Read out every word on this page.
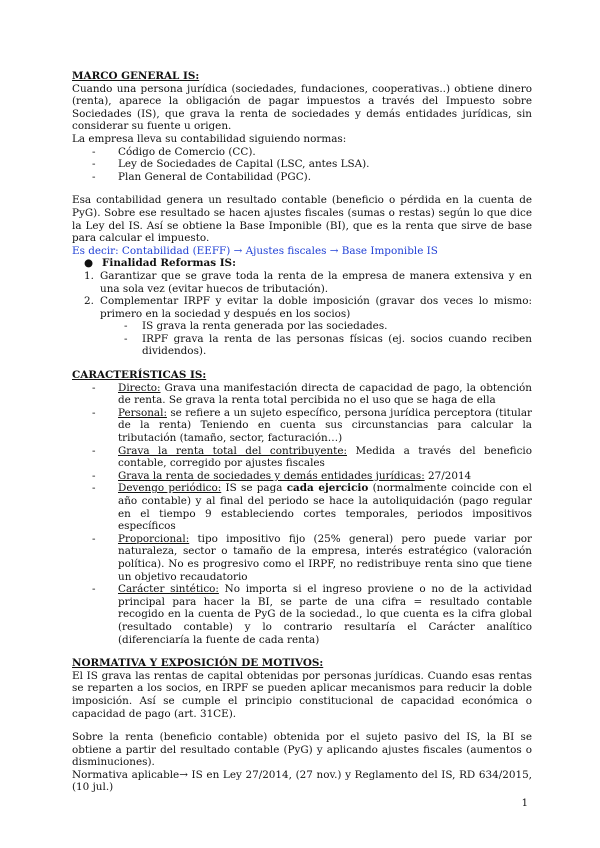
MARCO GENERAL IS:

Cuando una persona jurídica (sociedades, fundaciones, cooperativas..) obtiene dinero (renta), aparece la obligación de pagar impuestos a través del Impuesto sobre Sociedades (IS), que grava la renta de sociedades y demás entidades jurídicas, sin considerar su fuente u origen.

La empresa lleva su contabilidad siguiendo normas:

- Código de Comercio (CC).
- Ley de Sociedades de Capital (LSC, antes LSA).
- Plan General de Contabilidad (PGC).

Esa contabilidad genera un resultado contable (beneficio o pérdida en la cuenta de PyG). Sobre ese resultado se hacen ajustes fiscales (sumas o restas) según lo que dice la Ley del IS. Así se obtiene la Base Imponible (BI), que es la renta que sirve de base para calcular el impuesto.

Es decir: Contabilidad (EEFF) → Ajustes fiscales → Base Imponible IS

● Finalidad Reformas IS:
1. Garantizar que se grave toda la renta de la empresa de manera extensiva y en una sola vez (evitar huecos de tributación).
2. Complementar IRPF y evitar la doble imposición (gravar dos veces lo mismo: primero en la sociedad y después en los socios)
- IS grava la renta generada por las sociedades.
- IRPF grava la renta de las personas físicas (ej. socios cuando reciben dividendos).

CARACTERÍSTICAS IS:

- Directo: Grava una manifestación directa de capacidad de pago, la obtención de renta. Se grava la renta total percibida no el uso que se haga de ella
- Personal: se refiere a un sujeto específico, persona jurídica perceptora (titular de la renta) Teniendo en cuenta sus circunstancias para calcular la tributación (tamaño, sector, facturación…)
- Grava la renta total del contribuyente: Medida a través del beneficio contable, corregido por ajustes fiscales
- Grava la renta de sociedades y demás entidades jurídicas: 27/2014
- Devengo periódico: IS se paga cada ejercicio (normalmente coincide con el año contable) y al final del periodo se hace la autoliquidación (pago regular en el tiempo 9 estableciendo cortes temporales, periodos impositivos específicos
- Proporcional: tipo impositivo fijo (25% general) pero puede variar por naturaleza, sector o tamaño de la empresa, interés estratégico (valoración política). No es progresivo como el IRPF, no redistribuye renta sino que tiene un objetivo recaudatorio
- Carácter sintético: No importa si el ingreso proviene o no de la actividad principal para hacer la BI, se parte de una cifra = resultado contable recogido en la cuenta de PyG de la sociedad., lo que cuenta es la cifra global (resultado contable) y lo contrario resultaría el Carácter analítico (diferenciaría la fuente de cada renta)

NORMATIVA Y EXPOSICIÓN DE MOTIVOS:

El IS grava las rentas de capital obtenidas por personas jurídicas. Cuando esas rentas se reparten a los socios, en IRPF se pueden aplicar mecanismos para reducir la doble imposición. Así se cumple el principio constitucional de capacidad económica o capacidad de pago (art. 31CE).

Sobre la renta (beneficio contable) obtenida por el sujeto pasivo del IS, la BI se obtiene a partir del resultado contable (PyG) y aplicando ajustes fiscales (aumentos o disminuciones).

Normativa aplicable→ IS en Ley 27/2014, (27 nov.) y Reglamento del IS, RD 634/2015, (10 jul.)

1
